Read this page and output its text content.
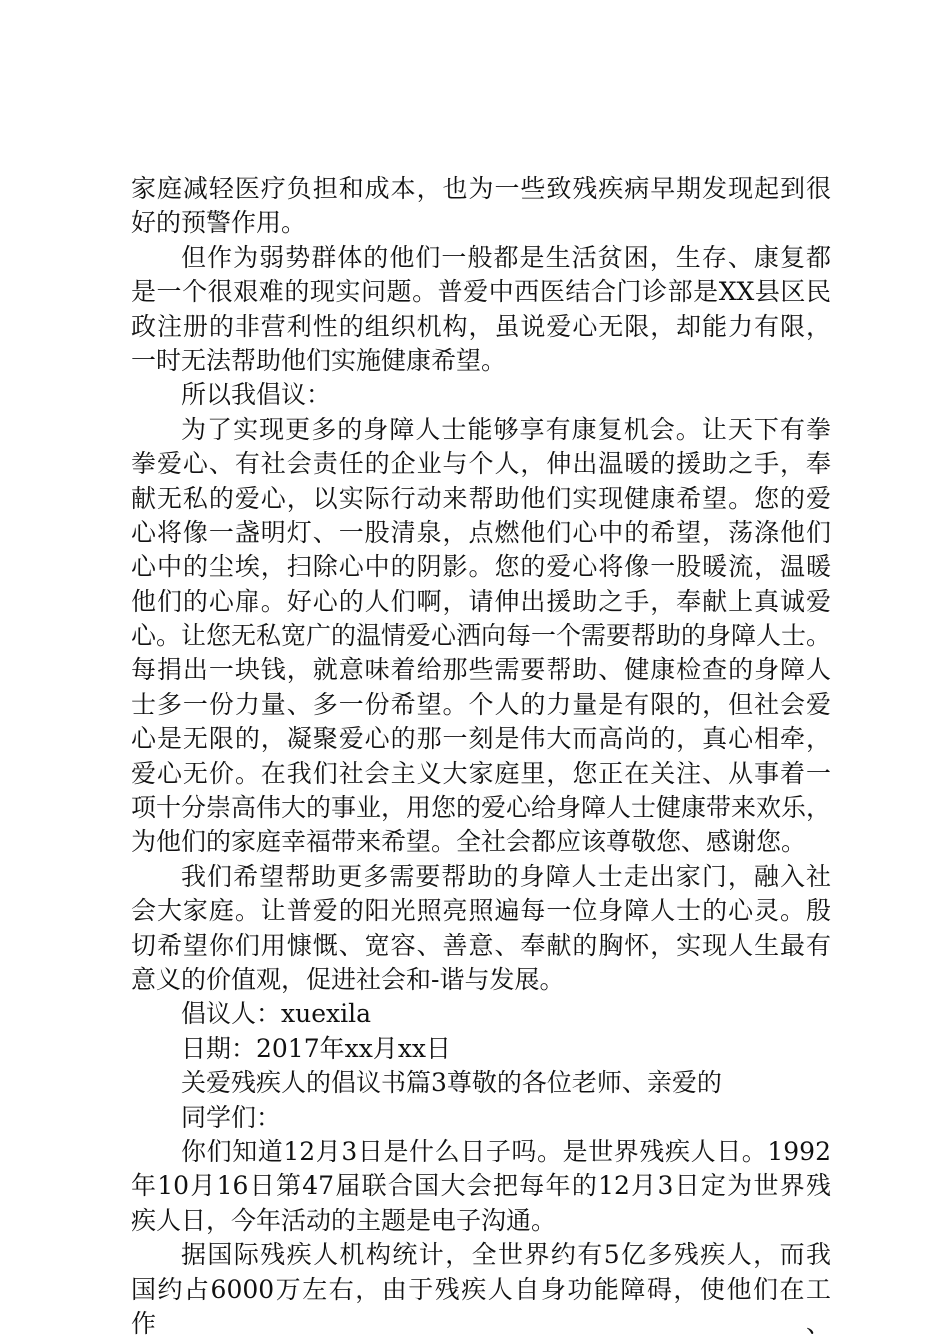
家庭减轻医疗负担和成本，也为一些致残疾病早期发现起到很
好的预警作用。
但作为弱势群体的他们一般都是生活贫困，生存、康复都
是一个很艰难的现实问题。普爱中西医结合门诊部是XX县区民
政注册的非营利性的组织机构，虽说爱心无限，却能力有限，
一时无法帮助他们实施健康希望。
所以我倡议：
为了实现更多的身障人士能够享有康复机会。让天下有拳
拳爱心、有社会责任的企业与个人，伸出温暖的援助之手，奉
献无私的爱心，以实际行动来帮助他们实现健康希望。您的爱
心将像一盏明灯、一股清泉，点燃他们心中的希望，荡涤他们
心中的尘埃，扫除心中的阴影。您的爱心将像一股暖流，温暖
他们的心扉。好心的人们啊，请伸出援助之手，奉献上真诚爱
心。让您无私宽广的温情爱心洒向每一个需要帮助的身障人士。
每捐出一块钱，就意味着给那些需要帮助、健康检查的身障人
士多一份力量、多一份希望。个人的力量是有限的，但社会爱
心是无限的，凝聚爱心的那一刻是伟大而高尚的，真心相牵，
爱心无价。在我们社会主义大家庭里，您正在关注、从事着一
项十分崇高伟大的事业，用您的爱心给身障人士健康带来欢乐，
为他们的家庭幸福带来希望。全社会都应该尊敬您、感谢您。
我们希望帮助更多需要帮助的身障人士走出家门，融入社
会大家庭。让普爱的阳光照亮照遍每一位身障人士的心灵。殷
切希望你们用慷慨、宽容、善意、奉献的胸怀，实现人生最有
意义的价值观，促进社会和-谐与发展。
倡议人：xuexila
日期：2017年xx月xx日
关爱残疾人的倡议书篇3尊敬的各位老师、亲爱的
同学们：
你们知道12月3日是什么日子吗。是世界残疾人日。1992
年10月16日第47届联合国大会把每年的12月3日定为世界残
疾人日，今年活动的主题是电子沟通。
据国际残疾人机构统计，全世界约有5亿多残疾人，而我
国约占6000万左右，由于残疾人自身功能障碍，使他们在工作、
